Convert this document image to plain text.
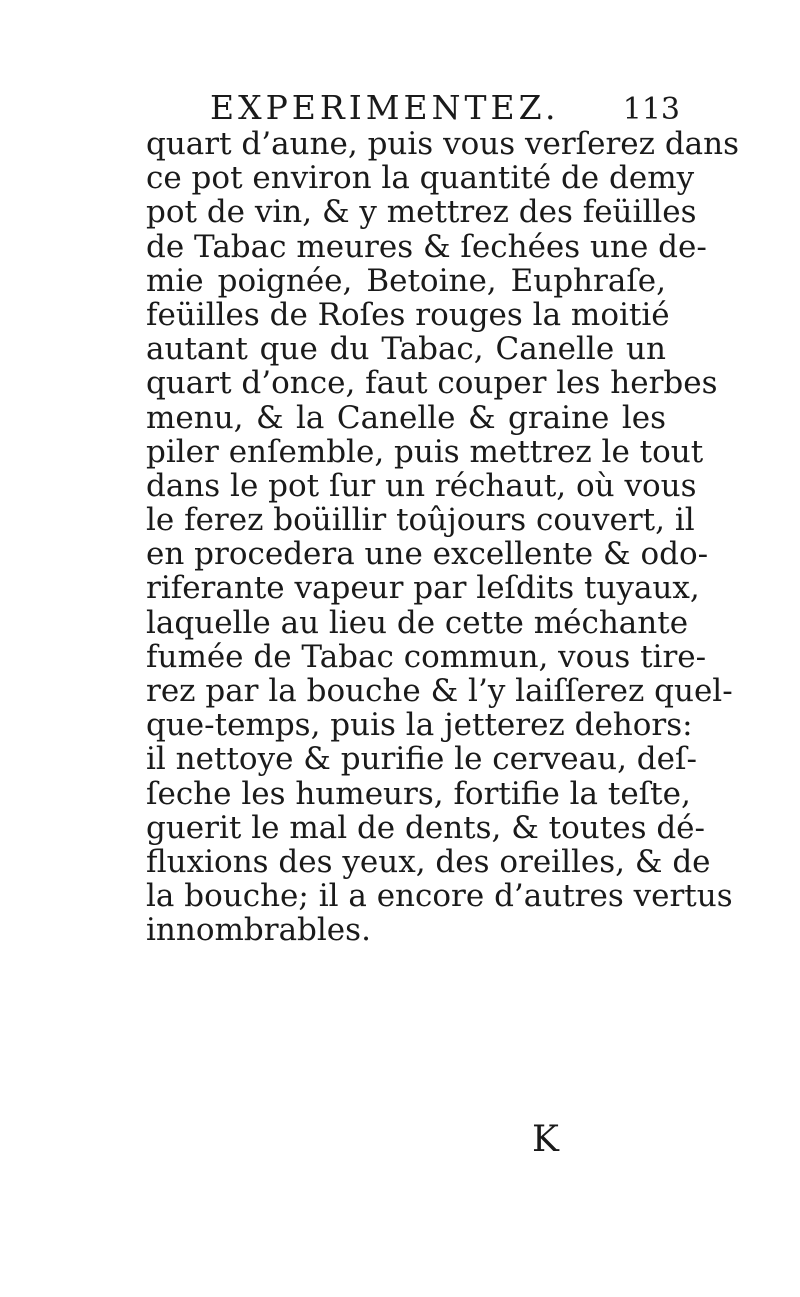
EXPERIMENTEZ. 113
quart d’aune, puis vous verſerez dans
ce pot environ la quantité de demy
pot de vin, & y mettrez des feüilles
de Tabac meures & ſechées une de-
mie poignée, Betoine, Euphraſe,
feüilles de Roſes rouges la moitié
autant que du Tabac, Canelle un
quart d’once, faut couper les herbes
menu, & la Canelle & graine les
piler enſemble, puis mettrez le tout
dans le pot ſur un réchaut, où vous
le ferez boüillir toûjours couvert, il
en procedera une excellente & odo-
riferante vapeur par leſdits tuyaux,
laquelle au lieu de cette méchante
fumée de Tabac commun, vous tire-
rez par la bouche & l’y laiſſerez quel-
que-temps, puis la jetterez dehors:
il nettoye & purifie le cerveau, deſ-
ſeche les humeurs, fortifie la teſte,
guerit le mal de dents, & toutes dé-
fluxions des yeux, des oreilles, & de
la bouche; il a encore d’autres vertus
innombrables.
K
